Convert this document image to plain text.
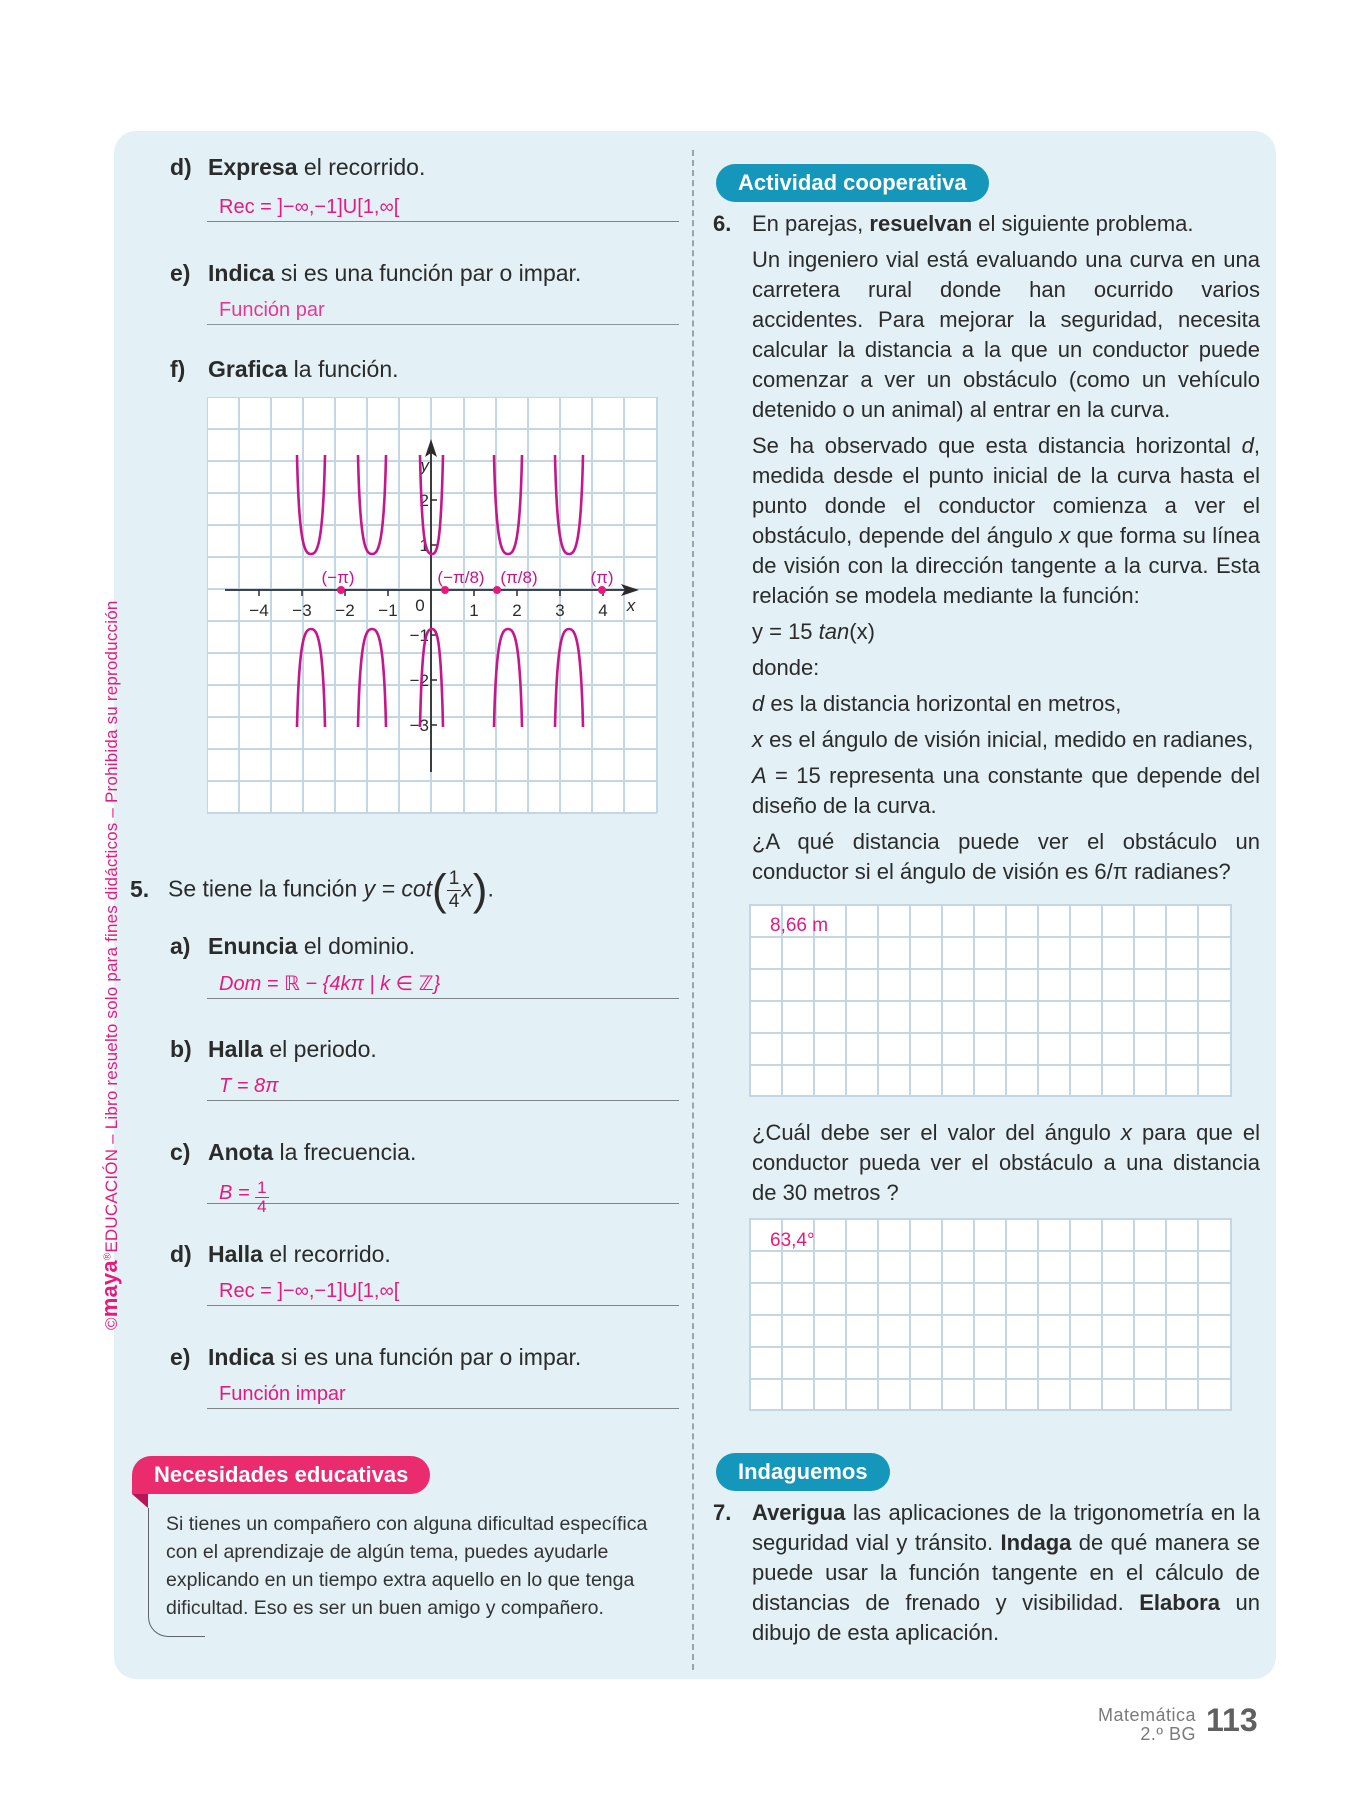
©maya®EDUCACIÓN – Libro resuelto solo para fines didácticos – Prohibida su reproducción
d) Expresa el recorrido.
Rec = ]−∞,−1]U[1,∞[
e) Indica si es una función par o impar.
Función par
f) Grafica la función.
−4 −3 −2 −1 0	1 2 3 4 x
2
1
−1
−2
−3
y
(−π)	(−π/8) (π/8)	(π)
5. Se tiene la función $y = \cot( \frac{1}{4}x)$.
a) Enuncia el dominio.
Dom = ℝ − {4kπ | k ∈ ℤ}
b) Halla el periodo.
T = 8π
c) Anota la frecuencia.
$B = \frac{1}{4}$
d) Halla el recorrido.
Rec = ]−∞,−1]U[1,∞[
e) Indica si es una función par o impar.
Función impar
Necesidades educativas
Si tienes un compañero con alguna dificultad específica con el aprendizaje de algún tema, puedes ayudarle explicando en un tiempo extra aquello en lo que tenga dificultad. Eso es ser un buen amigo y compañero.
Actividad cooperativa
6. En parejas, resuelvan el siguiente problema.

Un ingeniero vial está evaluando una curva en una carretera rural donde han ocurrido varios accidentes. Para mejorar la seguridad, necesita calcular la distancia a la que un conductor puede comenzar a ver un obstáculo (como un vehículo detenido o un animal) al entrar en la curva.

Se ha observado que esta distancia horizontal d, medida desde el punto inicial de la curva hasta el punto donde el conductor comienza a ver el obstáculo, depende del ángulo x que forma su línea de visión con la dirección tangente a la curva. Esta relación se modela mediante la función:

y = 15 tan(x)

donde:

d es la distancia horizontal en metros,

x es el ángulo de visión inicial, medido en radianes,

A = 15 representa una constante que depende del diseño de la curva.

¿A qué distancia puede ver el obstáculo un conductor si el ángulo de visión es 6/π radianes?

8,66 m

¿Cuál debe ser el valor del ángulo x para que el conductor pueda ver el obstáculo a una distancia de 30 metros ?

63,4°
Indaguemos
7. Averigua las aplicaciones de la trigonometría en la seguridad vial y tránsito. Indaga de qué manera se puede usar la función tangente en el cálculo de distancias de frenado y visibilidad. Elabora un dibujo de esta aplicación.

Matemática
2.º BG 113
